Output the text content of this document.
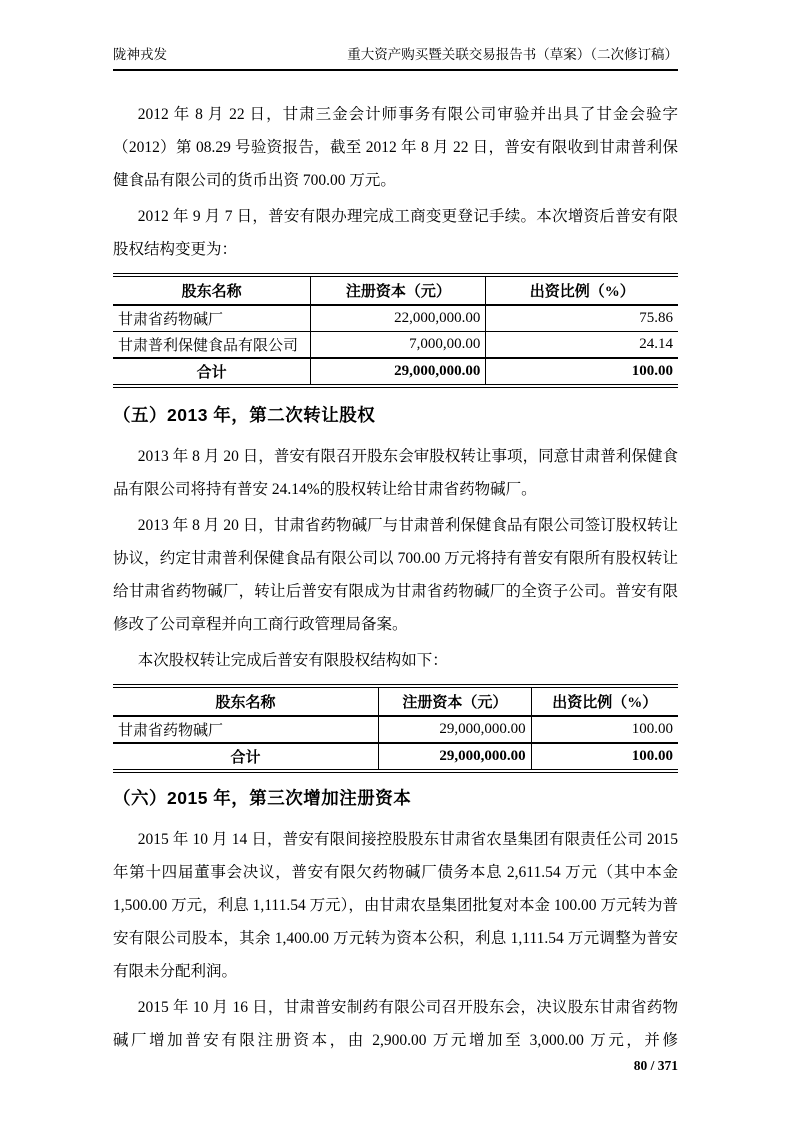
陇神戎发	重大资产购买暨关联交易报告书（草案）（二次修订稿）

2012 年 8 月 22 日，甘肃三金会计师事务有限公司审验并出具了甘金会验字（2012）第 08.29 号验资报告，截至 2012 年 8 月 22 日，普安有限收到甘肃普利保健食品有限公司的货币出资 700.00 万元。

2012 年 9 月 7 日，普安有限办理完成工商变更登记手续。本次增资后普安有限股权结构变更为：

股东名称	注册资本（元）	出资比例（%）
甘肃省药物碱厂	22,000,000.00	75.86
甘肃普利保健食品有限公司	7,000,00.00	24.14
合计	29,000,000.00	100.00
（五）2013 年，第二次转让股权

2013 年 8 月 20 日，普安有限召开股东会审股权转让事项，同意甘肃普利保健食品有限公司将持有普安 24.14%的股权转让给甘肃省药物碱厂。

2013 年 8 月 20 日，甘肃省药物碱厂与甘肃普利保健食品有限公司签订股权转让协议，约定甘肃普利保健食品有限公司以 700.00 万元将持有普安有限所有股权转让给甘肃省药物碱厂，转让后普安有限成为甘肃省药物碱厂的全资子公司。普安有限修改了公司章程并向工商行政管理局备案。

本次股权转让完成后普安有限股权结构如下：

股东名称	注册资本（元）	出资比例（%）
甘肃省药物碱厂	29,000,000.00	100.00
合计	29,000,000.00	100.00
（六）2015 年，第三次增加注册资本

2015 年 10 月 14 日，普安有限间接控股股东甘肃省农垦集团有限责任公司 2015 年第十四届董事会决议，普安有限欠药物碱厂债务本息 2,611.54 万元（其中本金 1,500.00 万元，利息 1,111.54 万元），由甘肃农垦集团批复对本金 100.00 万元转为普安有限公司股本，其余 1,400.00 万元转为资本公积，利息 1,111.54 万元调整为普安有限未分配利润。

2015 年 10 月 16 日，甘肃普安制药有限公司召开股东会，决议股东甘肃省药物碱厂增加普安有限注册资本，由 2,900.00 万元增加至 3,000.00 万元，并修

80 / 371
